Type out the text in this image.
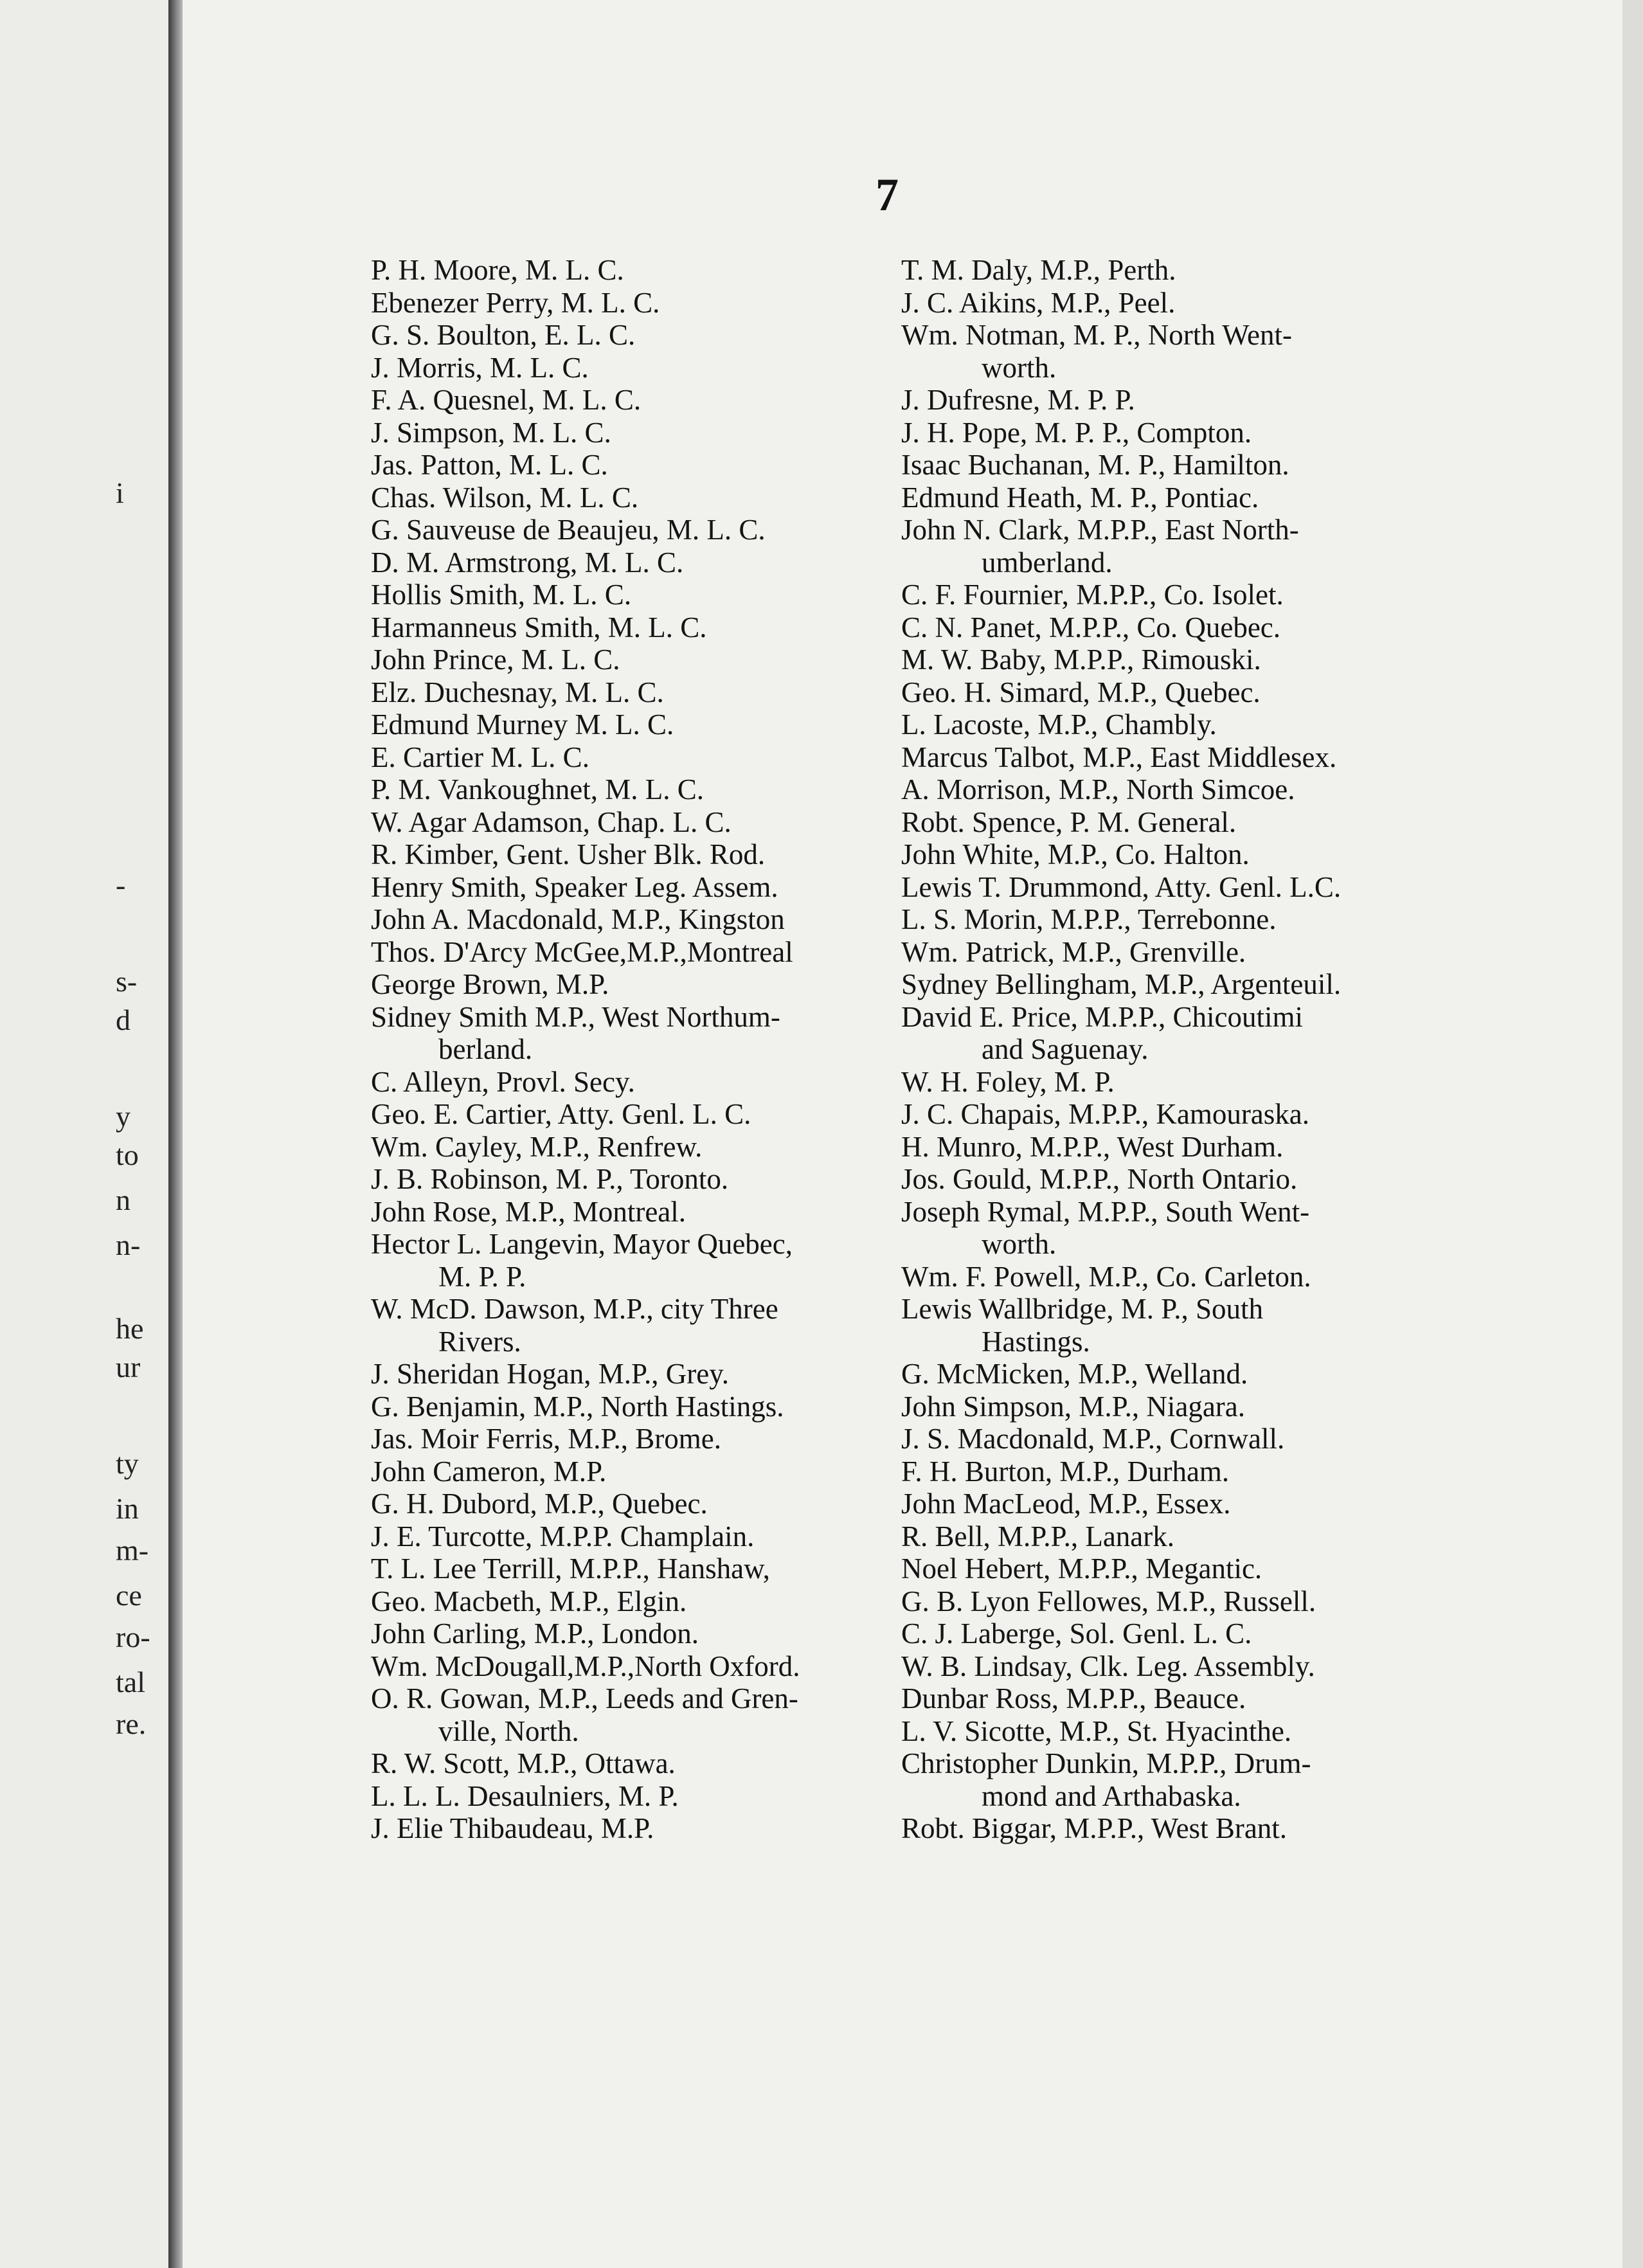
i
-
s-
d
y
to
n
n-
he
ur
ty
in
m-
ce
ro-
tal
re.
7
P. H. Moore, M. L. C.
Ebenezer Perry, M. L. C.
G. S. Boulton, E. L. C.
J. Morris, M. L. C.
F. A. Quesnel, M. L. C.
J. Simpson, M. L. C.
Jas. Patton, M. L. C.
Chas. Wilson, M. L. C.
G. Sauveuse de Beaujeu, M. L. C.
D. M. Armstrong, M. L. C.
Hollis Smith, M. L. C.
Harmanneus Smith, M. L. C.
John Prince, M. L. C.
Elz. Duchesnay, M. L. C.
Edmund Murney M. L. C.
E. Cartier M. L. C.
P. M. Vankoughnet, M. L. C.
W. Agar Adamson, Chap. L. C.
R. Kimber, Gent. Usher Blk. Rod.
Henry Smith, Speaker Leg. Assem.
John A. Macdonald, M.P., Kingston
Thos. D'Arcy McGee,M.P.,Montreal
George Brown, M.P.
Sidney Smith M.P., West Northum-
berland.
C. Alleyn, Provl. Secy.
Geo. E. Cartier, Atty. Genl. L. C.
Wm. Cayley, M.P., Renfrew.
J. B. Robinson, M. P., Toronto.
John Rose, M.P., Montreal.
Hector L. Langevin, Mayor Quebec,
M. P. P.
W. McD. Dawson, M.P., city Three
Rivers.
J. Sheridan Hogan, M.P., Grey.
G. Benjamin, M.P., North Hastings.
Jas. Moir Ferris, M.P., Brome.
John Cameron, M.P.
G. H. Dubord, M.P., Quebec.
J. E. Turcotte, M.P.P. Champlain.
T. L. Lee Terrill, M.P.P., Hanshaw,
Geo. Macbeth, M.P., Elgin.
John Carling, M.P., London.
Wm. McDougall,M.P.,North Oxford.
O. R. Gowan, M.P., Leeds and Gren-
ville, North.
R. W. Scott, M.P., Ottawa.
L. L. L. Desaulniers, M. P.
J. Elie Thibaudeau, M.P.
T. M. Daly, M.P., Perth.
J. C. Aikins, M.P., Peel.
Wm. Notman, M. P., North Went-
worth.
J. Dufresne, M. P. P.
J. H. Pope, M. P. P., Compton.
Isaac Buchanan, M. P., Hamilton.
Edmund Heath, M. P., Pontiac.
John N. Clark, M.P.P., East North-
umberland.
C. F. Fournier, M.P.P., Co. Isolet.
C. N. Panet, M.P.P., Co. Quebec.
M. W. Baby, M.P.P., Rimouski.
Geo. H. Simard, M.P., Quebec.
L. Lacoste, M.P., Chambly.
Marcus Talbot, M.P., East Middlesex.
A. Morrison, M.P., North Simcoe.
Robt. Spence, P. M. General.
John White, M.P., Co. Halton.
Lewis T. Drummond, Atty. Genl. L.C.
L. S. Morin, M.P.P., Terrebonne.
Wm. Patrick, M.P., Grenville.
Sydney Bellingham, M.P., Argenteuil.
David E. Price, M.P.P., Chicoutimi
and Saguenay.
W. H. Foley, M. P.
J. C. Chapais, M.P.P., Kamouraska.
H. Munro, M.P.P., West Durham.
Jos. Gould, M.P.P., North Ontario.
Joseph Rymal, M.P.P., South Went-
worth.
Wm. F. Powell, M.P., Co. Carleton.
Lewis Wallbridge, M. P., South
Hastings.
G. McMicken, M.P., Welland.
John Simpson, M.P., Niagara.
J. S. Macdonald, M.P., Cornwall.
F. H. Burton, M.P., Durham.
John MacLeod, M.P., Essex.
R. Bell, M.P.P., Lanark.
Noel Hebert, M.P.P., Megantic.
G. B. Lyon Fellowes, M.P., Russell.
C. J. Laberge, Sol. Genl. L. C.
W. B. Lindsay, Clk. Leg. Assembly.
Dunbar Ross, M.P.P., Beauce.
L. V. Sicotte, M.P., St. Hyacinthe.
Christopher Dunkin, M.P.P., Drum-
mond and Arthabaska.
Robt. Biggar, M.P.P., West Brant.
